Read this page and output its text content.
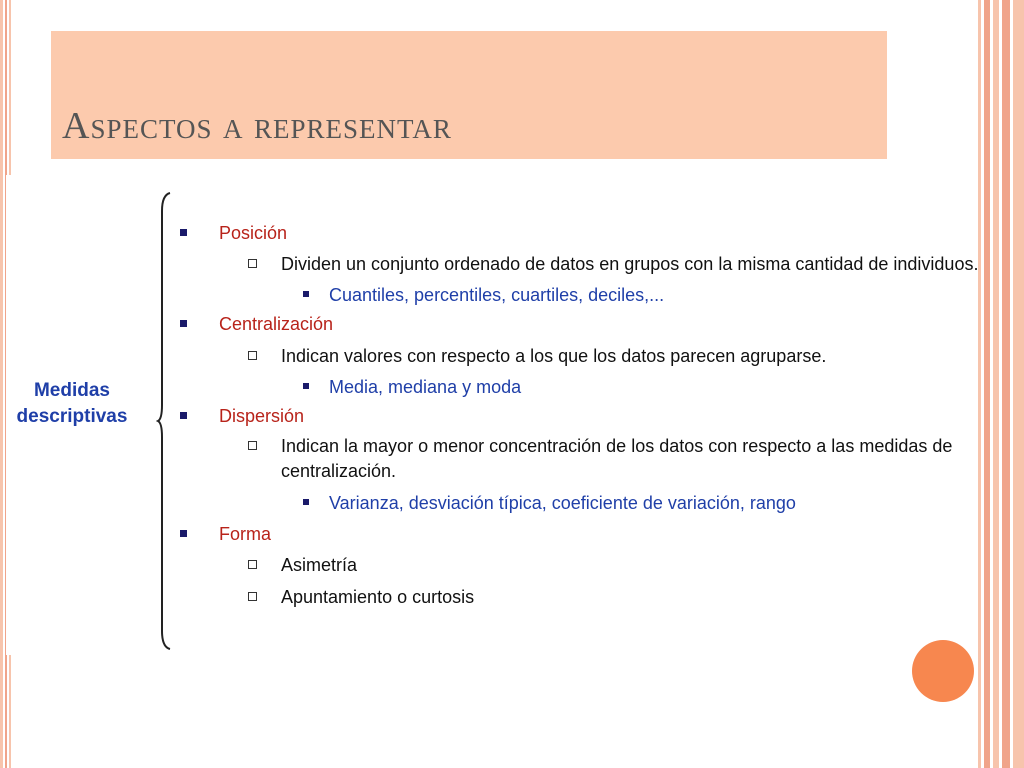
Aspectos a representar
Medidas
descriptivas
Posición
Dividen un conjunto ordenado de datos en grupos con la misma cantidad de individuos.
Cuantiles, percentiles, cuartiles, deciles,...
Centralización
Indican valores con respecto a los que los datos parecen agruparse.
Media, mediana y moda
Dispersión
Indican la mayor o menor concentración de los datos con respecto a las medidas de
centralización.
Varianza, desviación típica, coeficiente de variación, rango
Forma
Asimetría
Apuntamiento o curtosis
